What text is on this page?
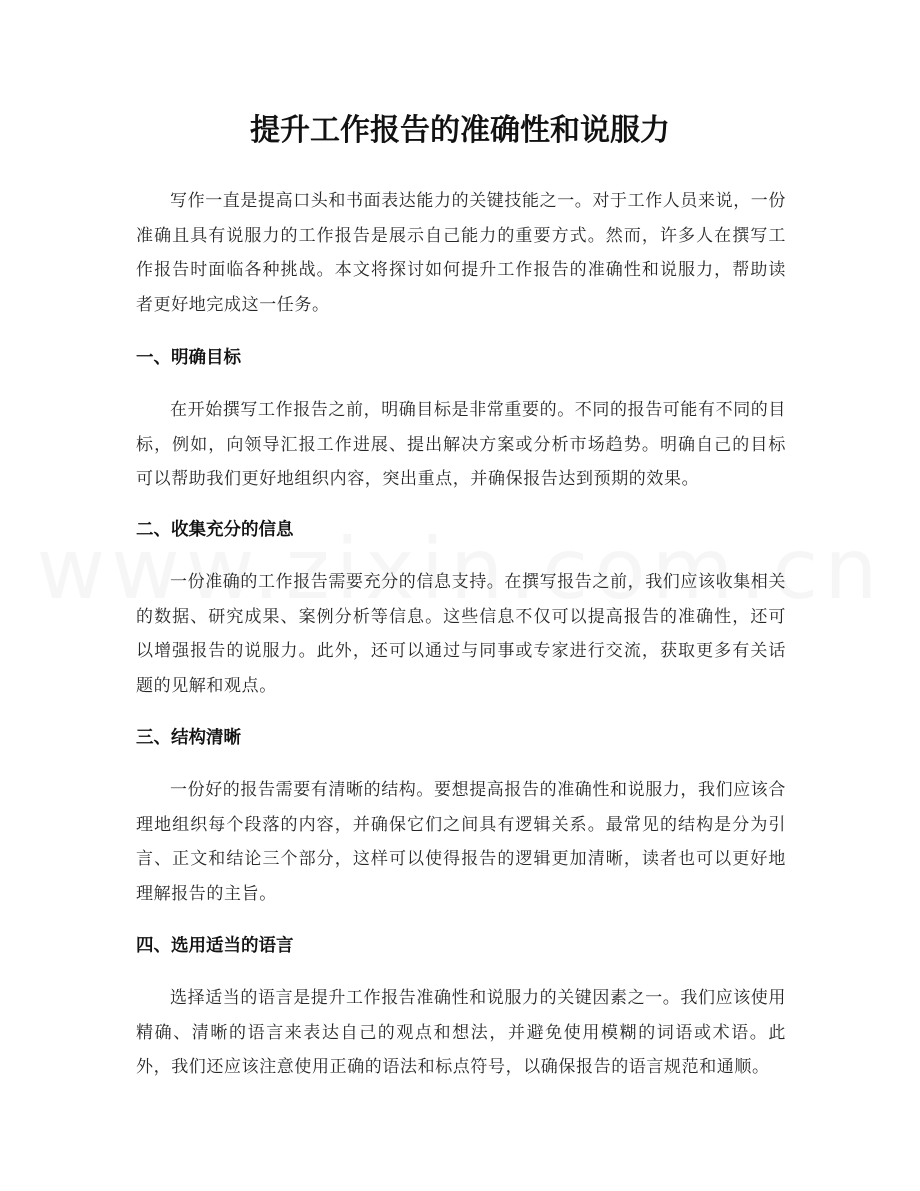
提升工作报告的准确性和说服力

写作一直是提高口头和书面表达能力的关键技能之一。对于工作人员来说，一份准确且具有说服力的工作报告是展示自己能力的重要方式。然而，许多人在撰写工作报告时面临各种挑战。本文将探讨如何提升工作报告的准确性和说服力，帮助读者更好地完成这一任务。

一、明确目标

在开始撰写工作报告之前，明确目标是非常重要的。不同的报告可能有不同的目标，例如，向领导汇报工作进展、提出解决方案或分析市场趋势。明确自己的目标可以帮助我们更好地组织内容，突出重点，并确保报告达到预期的效果。

二、收集充分的信息

一份准确的工作报告需要充分的信息支持。在撰写报告之前，我们应该收集相关的数据、研究成果、案例分析等信息。这些信息不仅可以提高报告的准确性，还可以增强报告的说服力。此外，还可以通过与同事或专家进行交流，获取更多有关话题的见解和观点。

三、结构清晰

一份好的报告需要有清晰的结构。要想提高报告的准确性和说服力，我们应该合理地组织每个段落的内容，并确保它们之间具有逻辑关系。最常见的结构是分为引言、正文和结论三个部分，这样可以使得报告的逻辑更加清晰，读者也可以更好地理解报告的主旨。

四、选用适当的语言

选择适当的语言是提升工作报告准确性和说服力的关键因素之一。我们应该使用精确、清晰的语言来表达自己的观点和想法，并避免使用模糊的词语或术语。此外，我们还应该注意使用正确的语法和标点符号，以确保报告的语言规范和通顺。
